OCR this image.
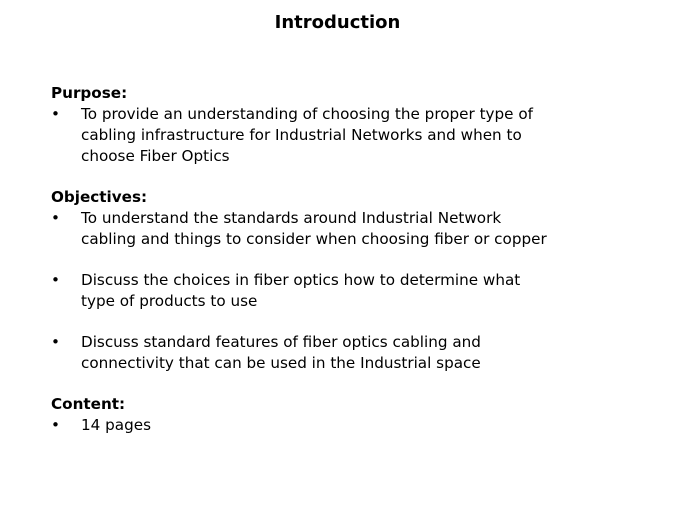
Introduction
Purpose:
• To provide an understanding of choosing the proper type of
cabling infrastructure for Industrial Networks and when to
choose Fiber Optics
Objectives:
• To understand the standards around Industrial Network
cabling and things to consider when choosing fiber or copper
• Discuss the choices in fiber optics how to determine what
type of products to use
• Discuss standard features of fiber optics cabling and
connectivity that can be used in the Industrial space
Content:
• 14 pages
